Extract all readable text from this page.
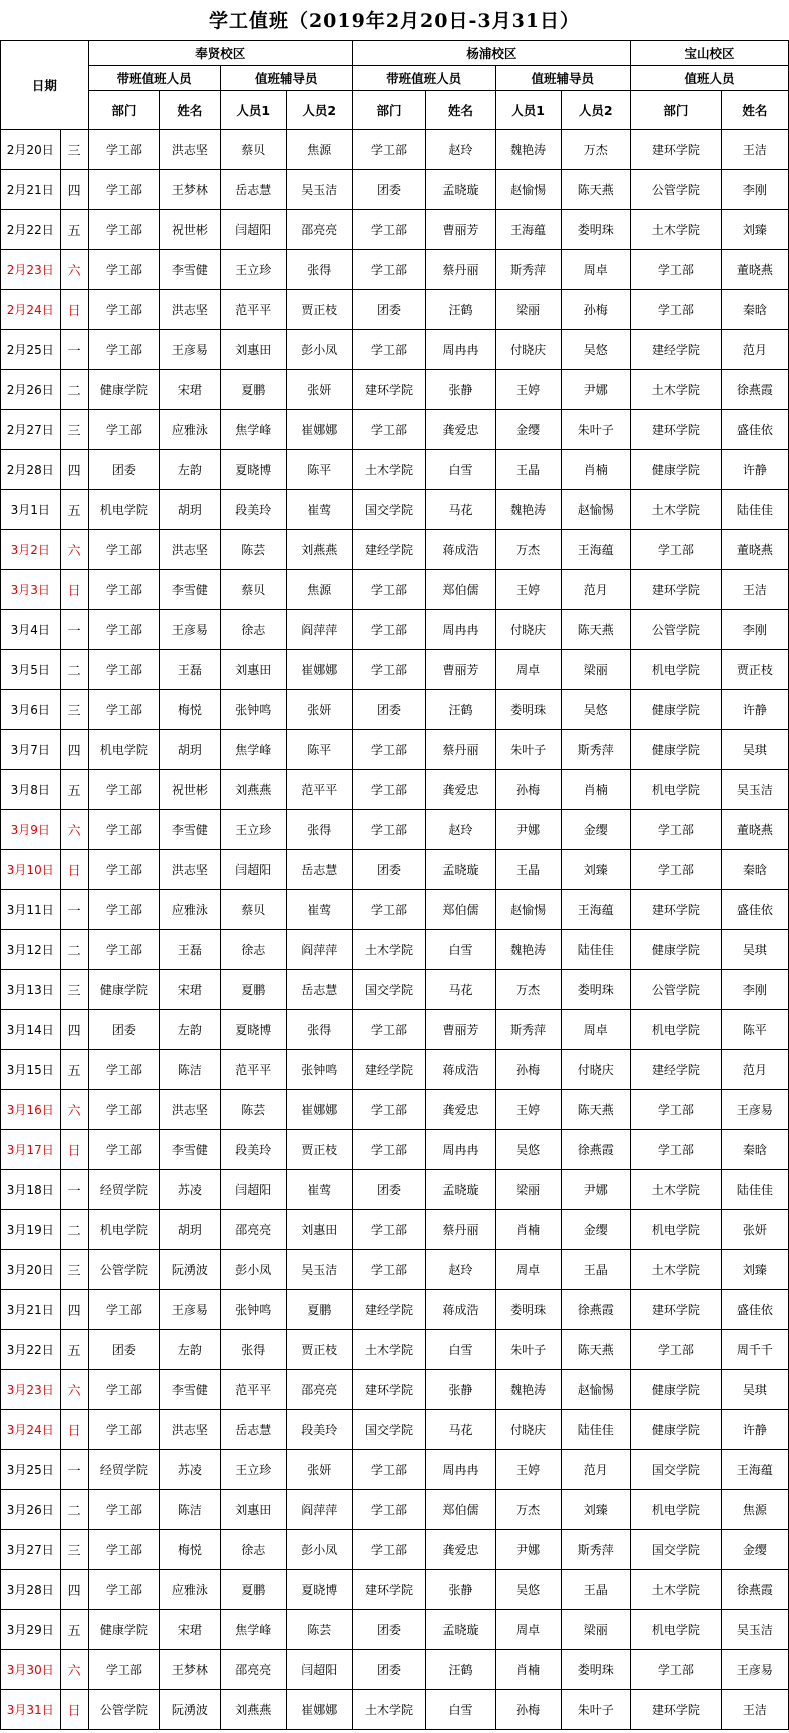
学工值班（2019年2月20日-3月31日）
日期		奉贤校区				杨浦校区				宝山校区	
		带班值班人员		值班辅导员		带班值班人员		值班辅导员		值班人员	
		部门	姓名	人员1	人员2	部门	姓名	人员1	人员2	部门	姓名
2月20日	三	学工部	洪志坚	蔡贝	焦源	学工部	赵玲	魏艳涛	万杰	建环学院	王洁
2月21日	四	学工部	王梦林	岳志慧	吴玉洁	团委	孟晓璇	赵愉惕	陈天燕	公管学院	李刚
2月22日	五	学工部	祝世彬	闫超阳	邵亮亮	学工部	曹丽芳	王海蕴	娄明珠	土木学院	刘臻
2月23日	六	学工部	李雪健	王立珍	张得	学工部	蔡丹丽	斯秀萍	周卓	学工部	董晓燕
2月24日	日	学工部	洪志坚	范平平	贾正枝	团委	汪鹤	梁丽	孙梅	学工部	秦晗
2月25日	一	学工部	王彦易	刘惠田	彭小凤	学工部	周冉冉	付晓庆	吴悠	建经学院	范月
2月26日	二	健康学院	宋珺	夏鹏	张妍	建环学院	张静	王婷	尹娜	土木学院	徐燕霞
2月27日	三	学工部	应雅泳	焦学峰	崔娜娜	学工部	龚爱忠	金缨	朱叶子	建环学院	盛佳依
2月28日	四	团委	左韵	夏晓博	陈平	土木学院	白雪	王晶	肖楠	健康学院	许静
3月1日	五	机电学院	胡玥	段美玲	崔莺	国交学院	马花	魏艳涛	赵愉惕	土木学院	陆佳佳
3月2日	六	学工部	洪志坚	陈芸	刘燕燕	建经学院	蒋成浩	万杰	王海蕴	学工部	董晓燕
3月3日	日	学工部	李雪健	蔡贝	焦源	学工部	郑伯儒	王婷	范月	建环学院	王洁
3月4日	一	学工部	王彦易	徐志	阎萍萍	学工部	周冉冉	付晓庆	陈天燕	公管学院	李刚
3月5日	二	学工部	王磊	刘惠田	崔娜娜	学工部	曹丽芳	周卓	梁丽	机电学院	贾正枝
3月6日	三	学工部	梅悦	张钟鸣	张妍	团委	汪鹤	娄明珠	吴悠	健康学院	许静
3月7日	四	机电学院	胡玥	焦学峰	陈平	学工部	蔡丹丽	朱叶子	斯秀萍	健康学院	吴琪
3月8日	五	学工部	祝世彬	刘燕燕	范平平	学工部	龚爱忠	孙梅	肖楠	机电学院	吴玉洁
3月9日	六	学工部	李雪健	王立珍	张得	学工部	赵玲	尹娜	金缨	学工部	董晓燕
3月10日	日	学工部	洪志坚	闫超阳	岳志慧	团委	孟晓璇	王晶	刘臻	学工部	秦晗
3月11日	一	学工部	应雅泳	蔡贝	崔莺	学工部	郑伯儒	赵愉惕	王海蕴	建环学院	盛佳依
3月12日	二	学工部	王磊	徐志	阎萍萍	土木学院	白雪	魏艳涛	陆佳佳	健康学院	吴琪
3月13日	三	健康学院	宋珺	夏鹏	岳志慧	国交学院	马花	万杰	娄明珠	公管学院	李刚
3月14日	四	团委	左韵	夏晓博	张得	学工部	曹丽芳	斯秀萍	周卓	机电学院	陈平
3月15日	五	学工部	陈洁	范平平	张钟鸣	建经学院	蒋成浩	孙梅	付晓庆	建经学院	范月
3月16日	六	学工部	洪志坚	陈芸	崔娜娜	学工部	龚爱忠	王婷	陈天燕	学工部	王彦易
3月17日	日	学工部	李雪健	段美玲	贾正枝	学工部	周冉冉	吴悠	徐燕霞	学工部	秦晗
3月18日	一	经贸学院	苏凌	闫超阳	崔莺	团委	孟晓璇	梁丽	尹娜	土木学院	陆佳佳
3月19日	二	机电学院	胡玥	邵亮亮	刘惠田	学工部	蔡丹丽	肖楠	金缨	机电学院	张妍
3月20日	三	公管学院	阮湧波	彭小凤	吴玉洁	学工部	赵玲	周卓	王晶	土木学院	刘臻
3月21日	四	学工部	王彦易	张钟鸣	夏鹏	建经学院	蒋成浩	娄明珠	徐燕霞	建环学院	盛佳依
3月22日	五	团委	左韵	张得	贾正枝	土木学院	白雪	朱叶子	陈天燕	学工部	周千千
3月23日	六	学工部	李雪健	范平平	邵亮亮	建环学院	张静	魏艳涛	赵愉惕	健康学院	吴琪
3月24日	日	学工部	洪志坚	岳志慧	段美玲	国交学院	马花	付晓庆	陆佳佳	健康学院	许静
3月25日	一	经贸学院	苏凌	王立珍	张妍	学工部	周冉冉	王婷	范月	国交学院	王海蕴
3月26日	二	学工部	陈洁	刘惠田	阎萍萍	学工部	郑伯儒	万杰	刘臻	机电学院	焦源
3月27日	三	学工部	梅悦	徐志	彭小凤	学工部	龚爱忠	尹娜	斯秀萍	国交学院	金缨
3月28日	四	学工部	应雅泳	夏鹏	夏晓博	建环学院	张静	吴悠	王晶	土木学院	徐燕霞
3月29日	五	健康学院	宋珺	焦学峰	陈芸	团委	孟晓璇	周卓	梁丽	机电学院	吴玉洁
3月30日	六	学工部	王梦林	邵亮亮	闫超阳	团委	汪鹤	肖楠	娄明珠	学工部	王彦易
3月31日	日	公管学院	阮湧波	刘燕燕	崔娜娜	土木学院	白雪	孙梅	朱叶子	建环学院	王洁
